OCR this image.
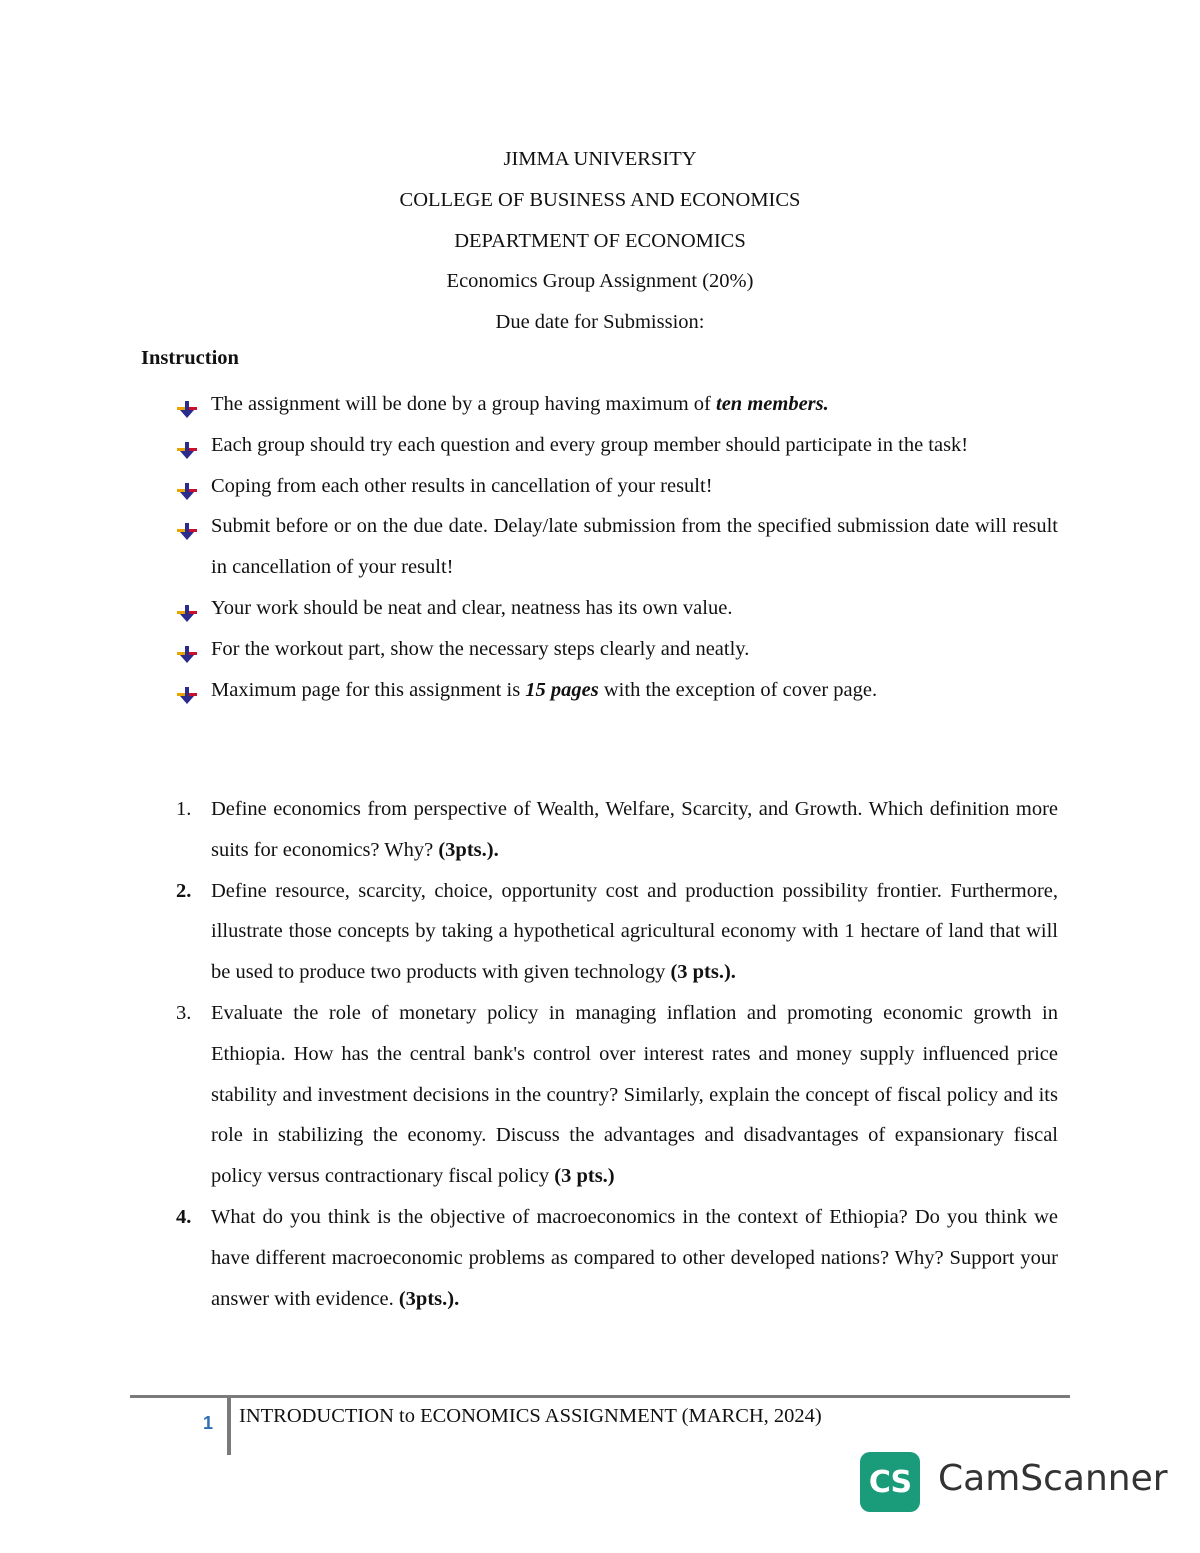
JIMMA UNIVERSITY
COLLEGE OF BUSINESS AND ECONOMICS
DEPARTMENT OF ECONOMICS
Economics Group Assignment (20%)
Due date for Submission:
Instruction
The assignment will be done by a group having maximum of ten members.
Each group should try each question and every group member should participate in the task!
Coping from each other results in cancellation of your result!
Submit before or on the due date. Delay/late submission from the specified submission date will result in cancellation of your result!
Your work should be neat and clear, neatness has its own value.
For the workout part, show the necessary steps clearly and neatly.
Maximum page for this assignment is 15 pages with the exception of cover page.
1. Define economics from perspective of Wealth, Welfare, Scarcity, and Growth. Which definition more suits for economics? Why? (3pts.).
2. Define resource, scarcity, choice, opportunity cost and production possibility frontier. Furthermore, illustrate those concepts by taking a hypothetical agricultural economy with 1 hectare of land that will be used to produce two products with given technology (3 pts.).
3. Evaluate the role of monetary policy in managing inflation and promoting economic growth in Ethiopia. How has the central bank's control over interest rates and money supply influenced price stability and investment decisions in the country? Similarly, explain the concept of fiscal policy and its role in stabilizing the economy. Discuss the advantages and disadvantages of expansionary fiscal policy versus contractionary fiscal policy (3 pts.)
4. What do you think is the objective of macroeconomics in the context of Ethiopia? Do you think we have different macroeconomic problems as compared to other developed nations? Why? Support your answer with evidence. (3pts.).
1 INTRODUCTION to ECONOMICS ASSIGNMENT (MARCH, 2024)
CS CamScanner
